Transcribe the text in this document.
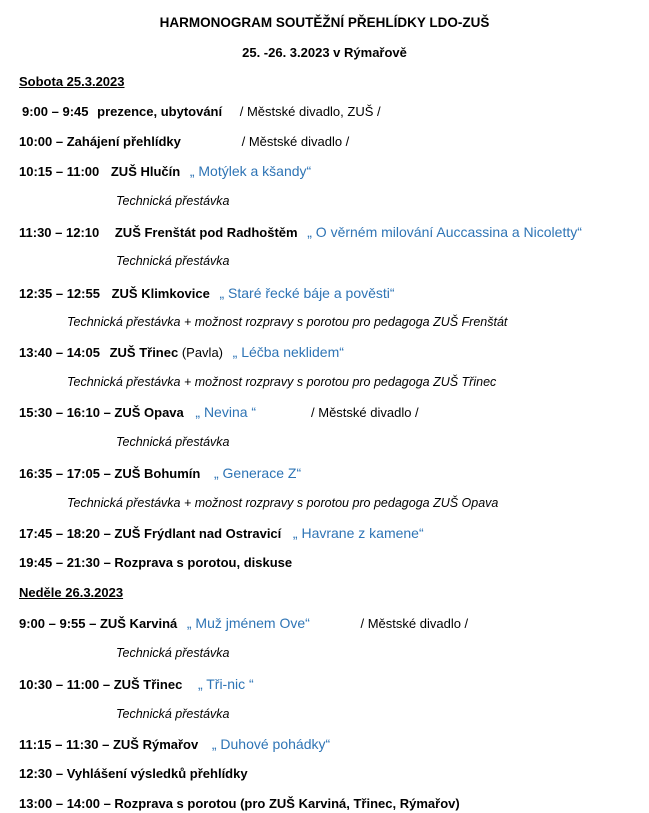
HARMONOGRAM SOUTĚŽNÍ PŘEHLÍDKY LDO-ZUŠ
25. -26. 3.2023 v Rýmařově
Sobota 25.3.2023
9:00 – 9:45 prezence, ubytování / Městské divadlo, ZUŠ /
10:00 – Zahájení přehlídky	/ Městské divadlo /
10:15 – 11:00 ZUŠ Hlučín „ Motýlek a kšandy“
Technická přestávka
11:30 – 12:10 ZUŠ Frenštát pod Radhoštěm „ O věrném milování Auccassina a Nicoletty“
Technická přestávka
12:35 – 12:55 ZUŠ Klimkovice „ Staré řecké báje a pověsti“
Technická přestávka + možnost rozpravy s porotou pro pedagoga ZUŠ Frenštát
13:40 – 14:05 ZUŠ Třinec (Pavla) „ Léčba neklidem“
Technická přestávka + možnost rozpravy s porotou pro pedagoga ZUŠ Třinec
15:30 – 16:10 – ZUŠ Opava „ Nevina “	/ Městské divadlo /
Technická přestávka
16:35 – 17:05 – ZUŠ Bohumín „ Generace Z“
Technická přestávka + možnost rozpravy s porotou pro pedagoga ZUŠ Opava
17:45 – 18:20 – ZUŠ Frýdlant nad Ostravicí „ Havrane z kamene“
19:45 – 21:30 – Rozprava s porotou, diskuse
Neděle 26.3.2023
9:00 – 9:55 – ZUŠ Karviná „ Muž jménem Ove“	/ Městské divadlo /
Technická přestávka
10:30 – 11:00 – ZUŠ Třinec „ Tři-nic “
Technická přestávka
11:15 – 11:30 – ZUŠ Rýmařov „ Duhové pohádky“
12:30 – Vyhlášení výsledků přehlídky
13:00 – 14:00 – Rozprava s porotou (pro ZUŠ Karviná, Třinec, Rýmařov)
